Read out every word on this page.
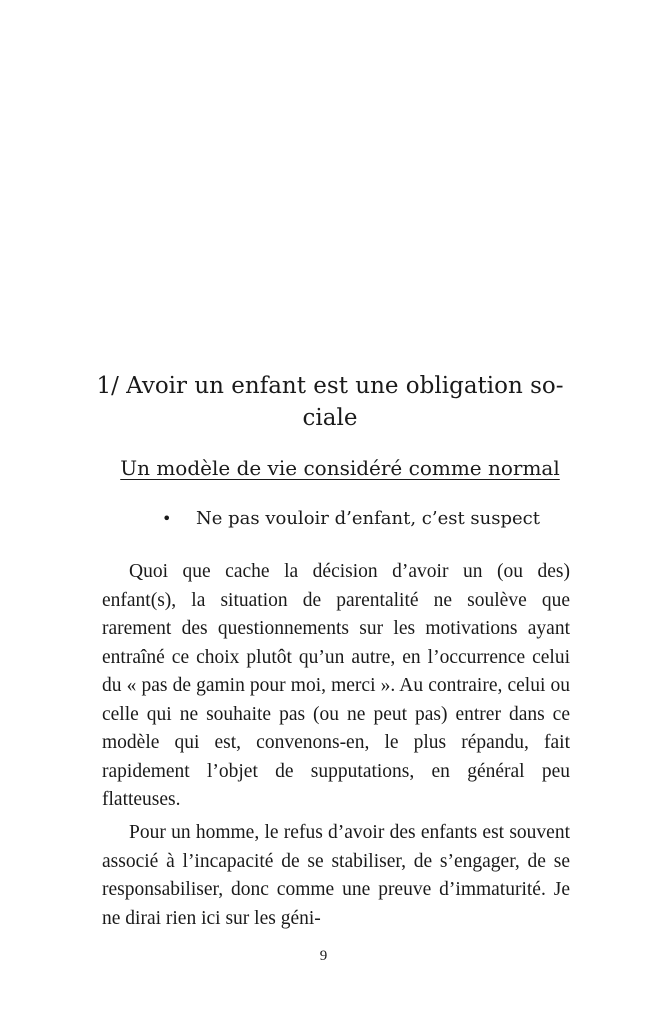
1/ Avoir un enfant est une obligation so-
ciale
Un modèle de vie considéré comme normal
• Ne pas vouloir d’enfant, c’est suspect

Quoi que cache la décision d’avoir un (ou des) enfant(s), la situation de parentalité ne soulève que rarement des questionnements sur les motivations ayant entraîné ce choix plutôt qu’un autre, en l’occurrence celui du « pas de gamin pour moi, merci ». Au contraire, celui ou celle qui ne souhaite pas (ou ne peut pas) entrer dans ce modèle qui est, convenons-en, le plus répandu, fait rapidement l’objet de supputations, en général peu flatteuses.

Pour un homme, le refus d’avoir des enfants est souvent associé à l’incapacité de se stabiliser, de s’engager, de se responsabiliser, donc comme une preuve d’immaturité. Je ne dirai rien ici sur les géni-

9
